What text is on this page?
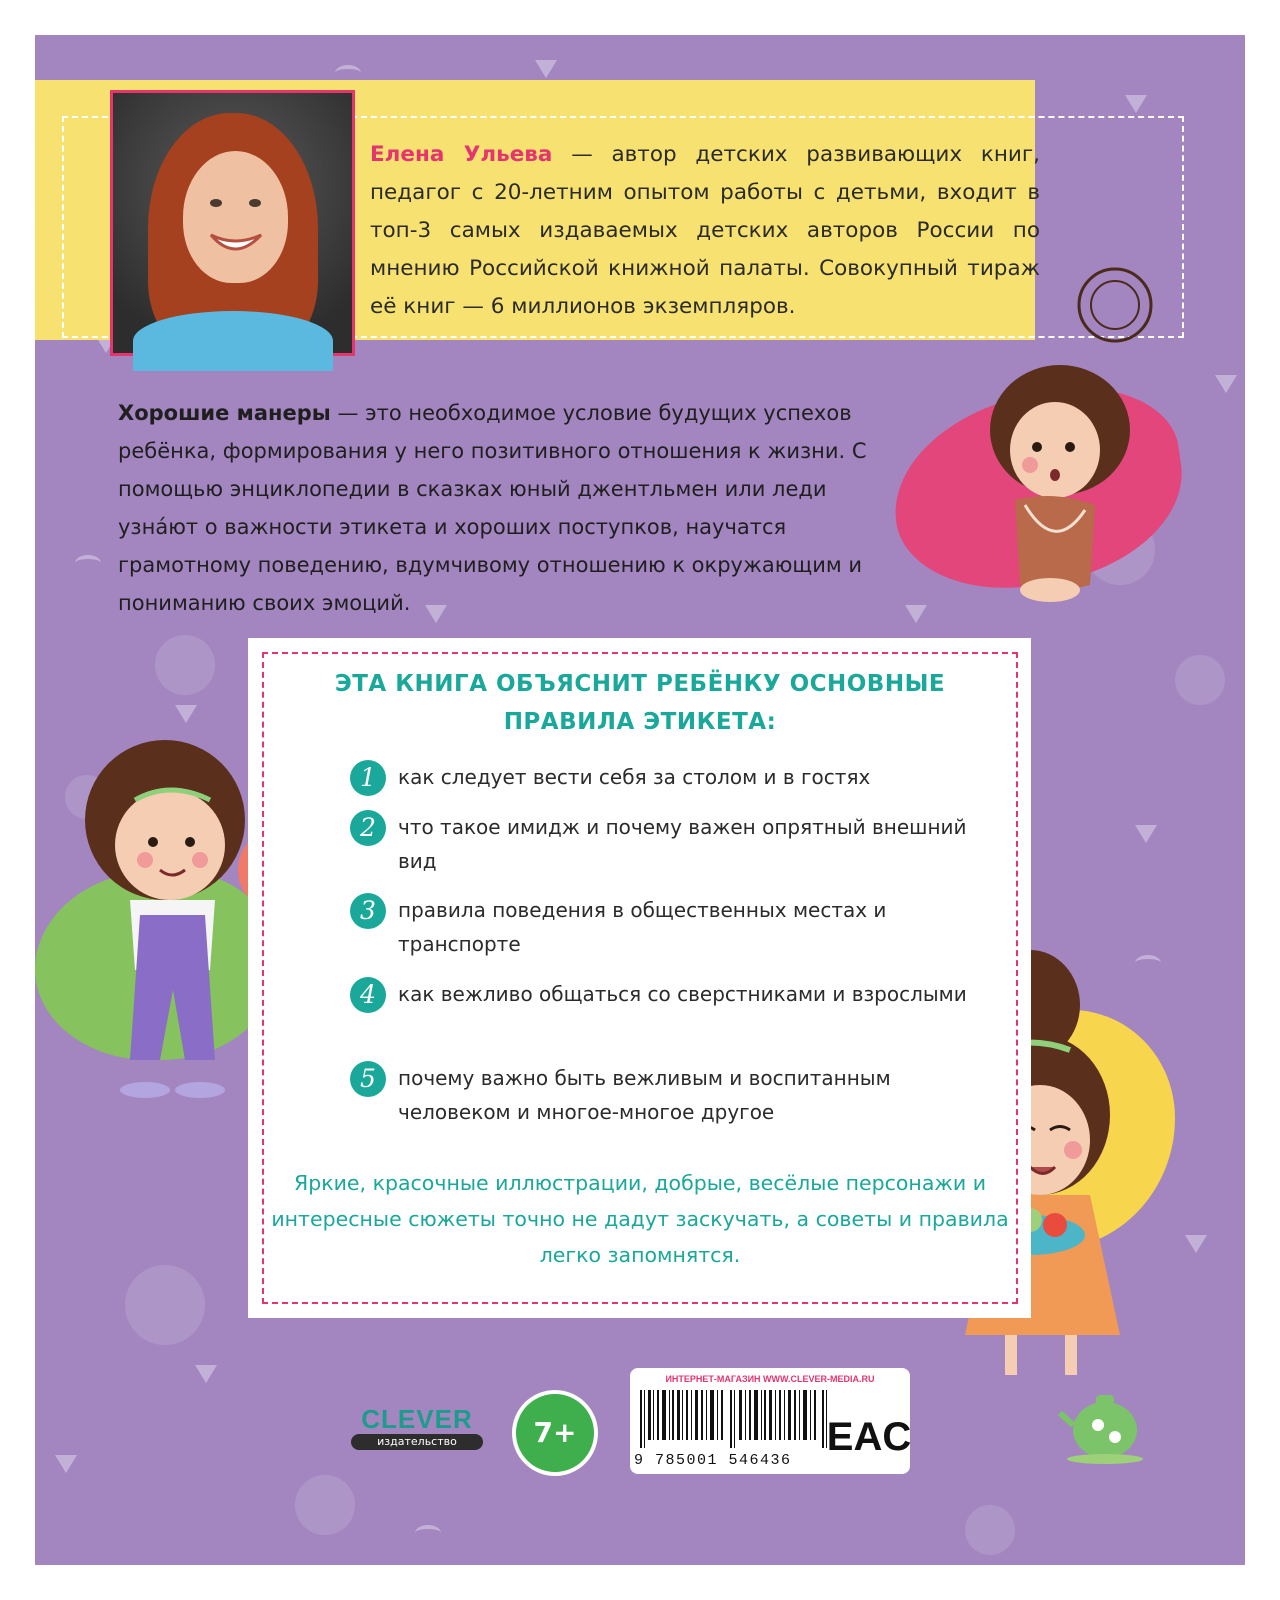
Елена Ульева — автор детских развивающих книг, педагог с 20-летним опытом работы с детьми, входит в топ-3 самых издаваемых детских авторов России по мнению Российской книжной палаты. Совокупный тираж её книг — 6 миллионов экземпляров.
Хорошие манеры — это необходимое условие будущих успехов ребёнка, формирования у него позитивного отношения к жизни. С помощью энциклопедии в сказках юный джентльмен или леди узнáют о важности этикета и хороших поступков, научатся грамотному поведению, вдумчивому отношению к окружающим и пониманию своих эмоций.
ЭТА КНИГА ОБЪЯСНИТ РЕБЁНКУ ОСНОВНЫЕ
ПРАВИЛА ЭТИКЕТА:
1	как следует вести себя за столом и в гостях
2	что такое имидж и почему важен опрятный внешний вид
3	правила поведения в общественных местах и транспорте
4	как вежливо общаться со сверстниками и взрослыми
5	почему важно быть вежливым и воспитанным человеком и многое-многое другое
Яркие, красочные иллюстрации, добрые, весёлые персонажи и интересные сюжеты точно не дадут заскучать, а советы и правила легко запомнятся.
CLEVER
издательство	7+
ИНТЕРНЕТ-МАГАЗИН WWW.CLEVER-MEDIA.RU
9 785001 546436
EAC
